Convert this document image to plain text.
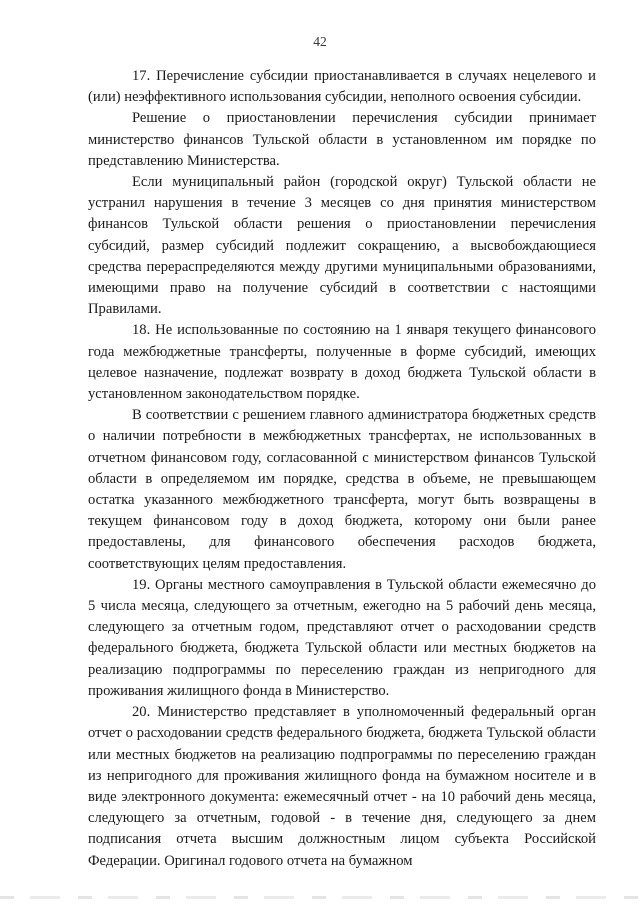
42

17. Перечисление субсидии приостанавливается в случаях нецелевого и (или) неэффективного использования субсидии, неполного освоения субсидии.

Решение о приостановлении перечисления субсидии принимает министерство финансов Тульской области в установленном им порядке по представлению Министерства.

Если муниципальный район (городской округ) Тульской области не устранил нарушения в течение 3 месяцев со дня принятия министерством финансов Тульской области решения о приостановлении перечисления субсидий, размер субсидий подлежит сокращению, а высвобождающиеся средства перераспределяются между другими муниципальными образованиями, имеющими право на получение субсидий в соответствии с настоящими Правилами.

18. Не использованные по состоянию на 1 января текущего финансового года межбюджетные трансферты, полученные в форме субсидий, имеющих целевое назначение, подлежат возврату в доход бюджета Тульской области в установленном законодательством порядке.

В соответствии с решением главного администратора бюджетных средств о наличии потребности в межбюджетных трансфертах, не использованных в отчетном финансовом году, согласованной с министерством финансов Тульской области в определяемом им порядке, средства в объеме, не превышающем остатка указанного межбюджетного трансферта, могут быть возвращены в текущем финансовом году в доход бюджета, которому они были ранее предоставлены, для финансового обеспечения расходов бюджета, соответствующих целям предоставления.

19. Органы местного самоуправления в Тульской области ежемесячно до 5 числа месяца, следующего за отчетным, ежегодно на 5 рабочий день месяца, следующего за отчетным годом, представляют отчет о расходовании средств федерального бюджета, бюджета Тульской области или местных бюджетов на реализацию подпрограммы по переселению граждан из непригодного для проживания жилищного фонда в Министерство.

20. Министерство представляет в уполномоченный федеральный орган отчет о расходовании средств федерального бюджета, бюджета Тульской области или местных бюджетов на реализацию подпрограммы по переселению граждан из непригодного для проживания жилищного фонда на бумажном носителе и в виде электронного документа: ежемесячный отчет - на 10 рабочий день месяца, следующего за отчетным, годовой - в течение дня, следующего за днем подписания отчета высшим должностным лицом субъекта Российской Федерации. Оригинал годового отчета на бумажном
